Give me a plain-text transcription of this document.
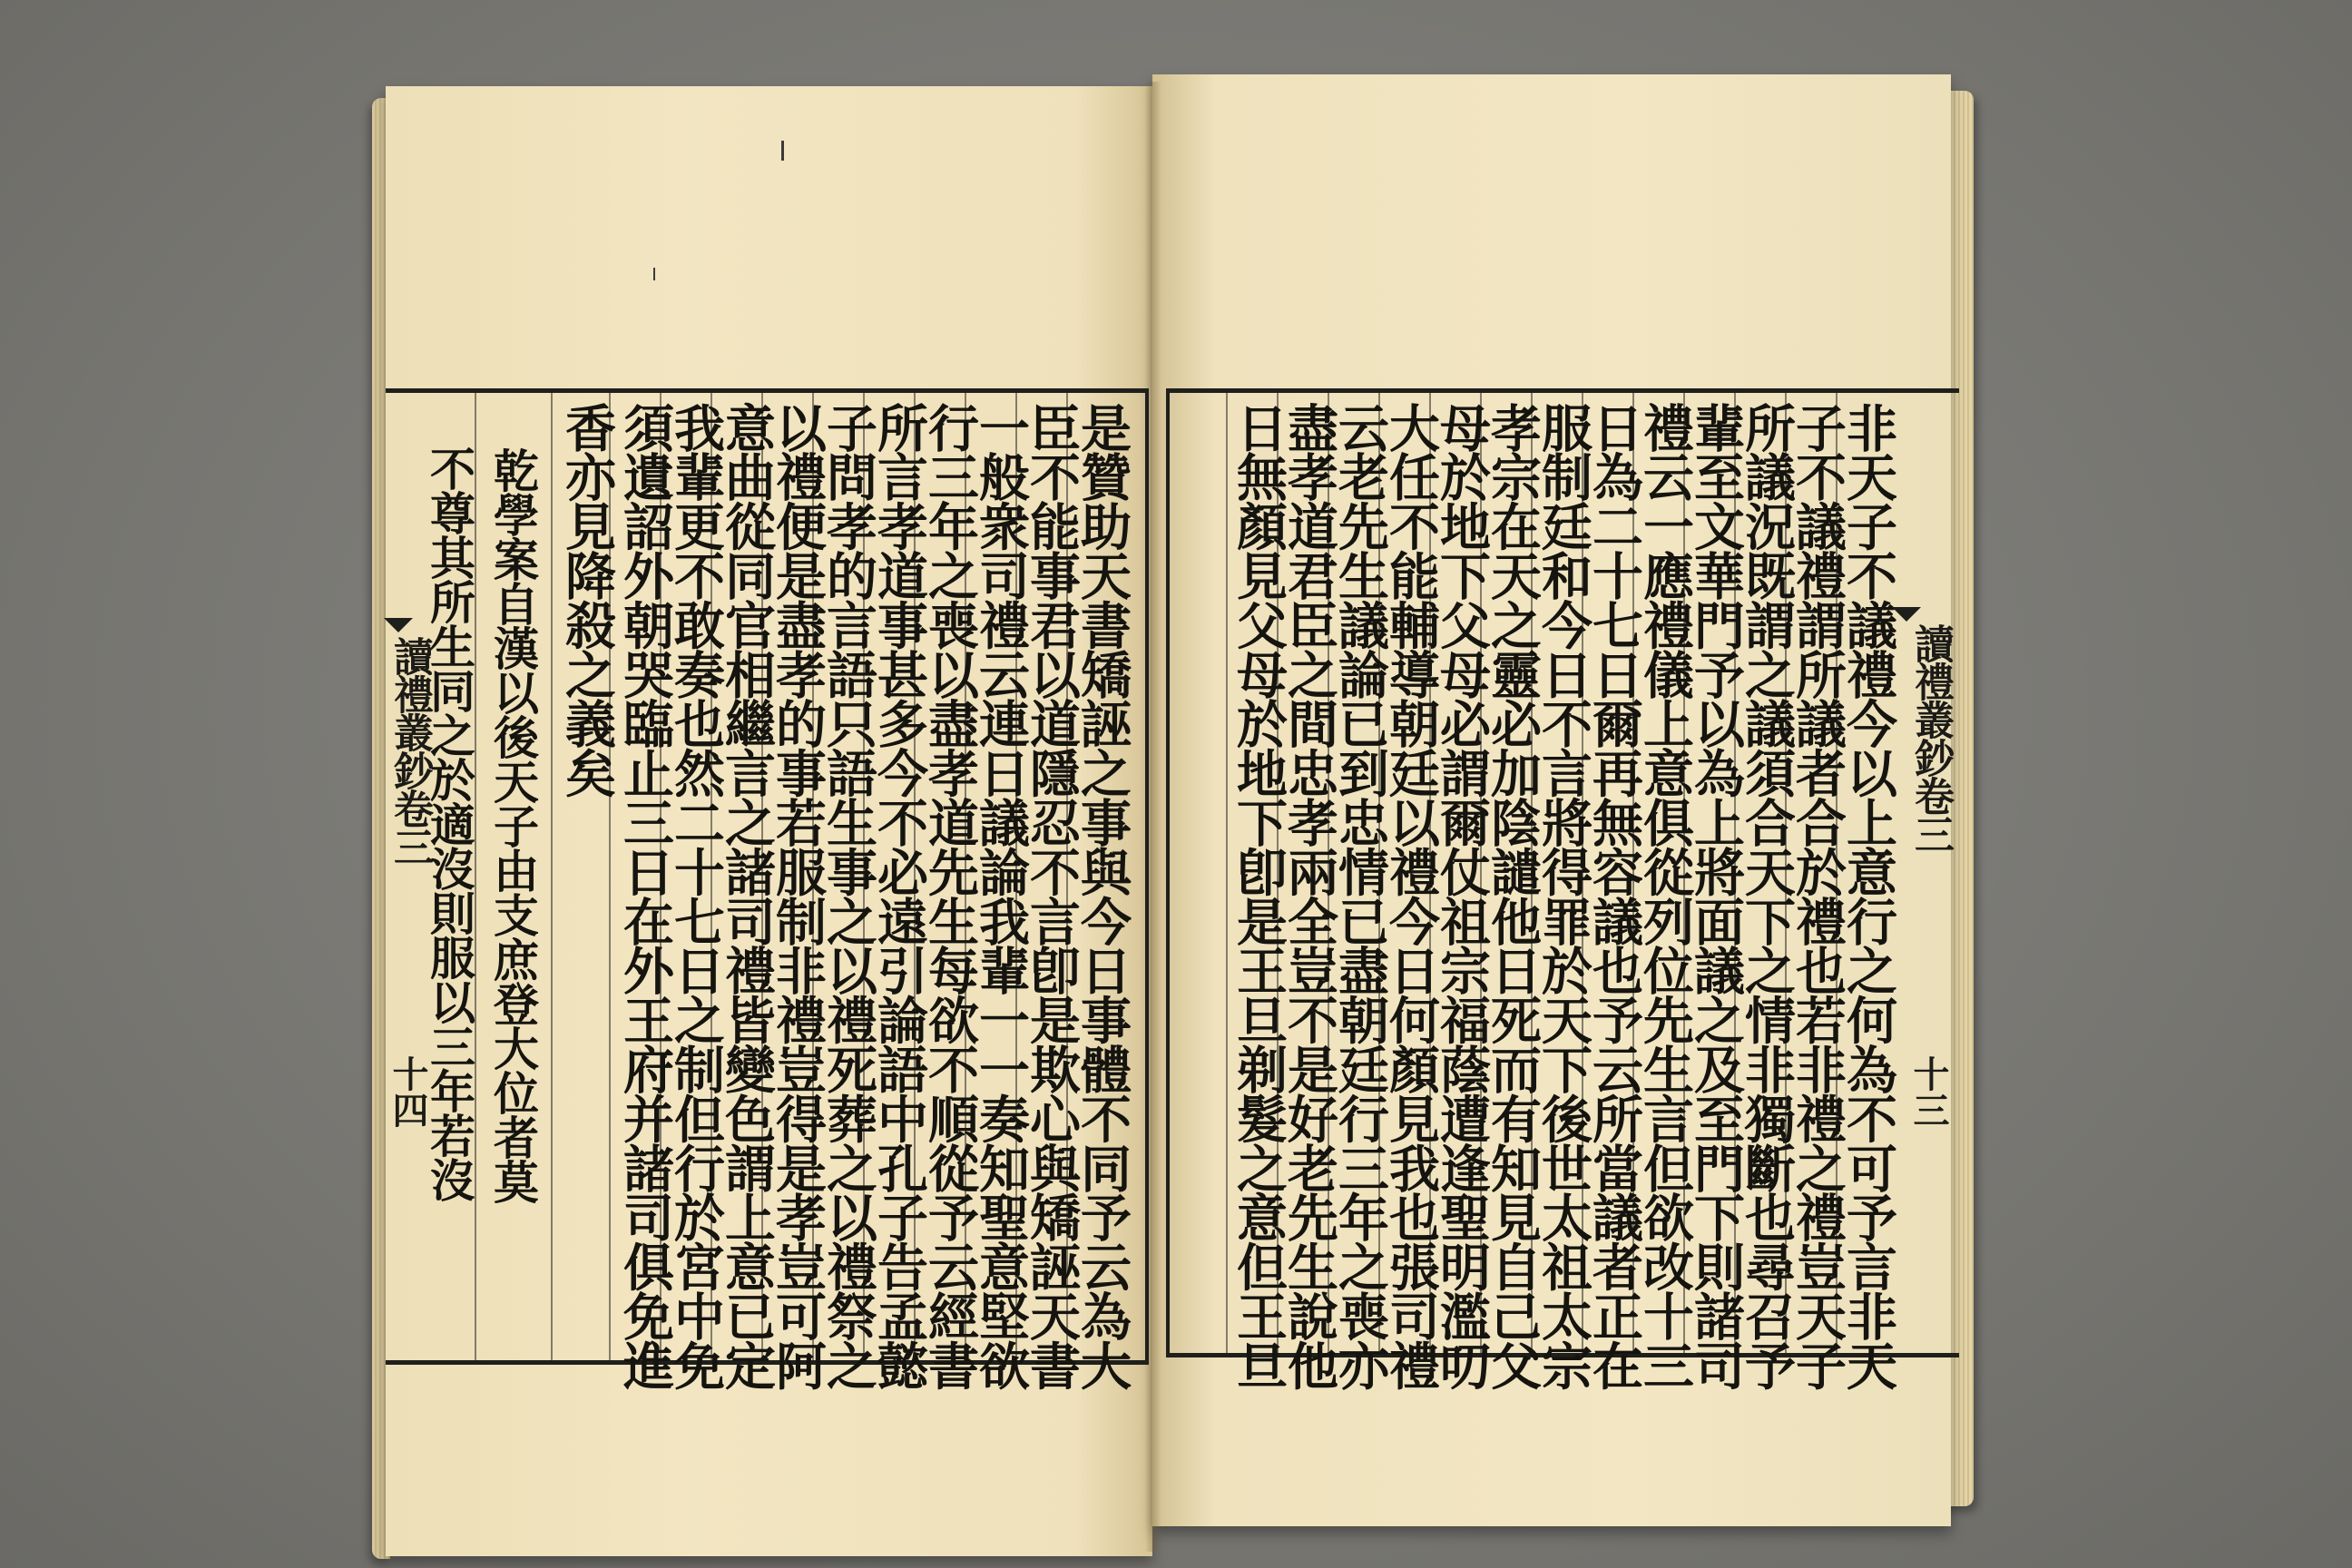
是贊助天書矯誣之事與今日事體不同予云為大
臣不能事君以道隱忍不言卽是欺心與矯誣天書
一般衆司禮云連日議論我輩一一奏知聖意堅欲
行三年之喪以盡孝道先生每欲不順從予云經書
所言孝道事甚多今不必遠引論語中孔子告孟懿
子問孝的言語只語生事之以禮死葬之以禮祭之
以禮便是盡孝的事若服制非禮豈得是孝豈可阿
意曲從同官相繼言之諸司禮皆變色謂上意已定
我輩更不敢奏也然二十七日之制但行於宮中免
須遺詔外朝哭臨止三日在外王府并諸司俱免進
香亦見降殺之義矣
乾學案自漢以後天子由支庶登大位者莫
不尊其所生同之於適沒則服以三年若沒
讀禮叢鈔卷三
十四	非天子不議禮今以上意行之何為不可予言非天
子不議禮謂所議者合於禮也若非禮之禮豈天子
所議況既謂之議須合天下之情非獨斷也尋召予
輩至文華門予以為上將面議之及至門下則諸司
禮云一應禮儀上意俱從列位先生言但欲改十三
日為二十七日爾再無容議也予云所當議者正在
服制廷和今日不言將得罪於天下後世太祖太宗
孝宗在天之靈必加陰譴他日死而有知見自己父
母於地下父母必謂爾仗祖宗福蔭遭逢聖明濫叨
大任不能輔導朝廷以禮今日何顏見我也張司禮
云老先生議論已到忠情已盡朝廷行三年之喪亦
盡孝道君臣之間忠孝兩全豈不是好老先生說他
日無顏見父母於地下卽是王旦剃髮之意但王旦	讀禮叢鈔卷三
十三
